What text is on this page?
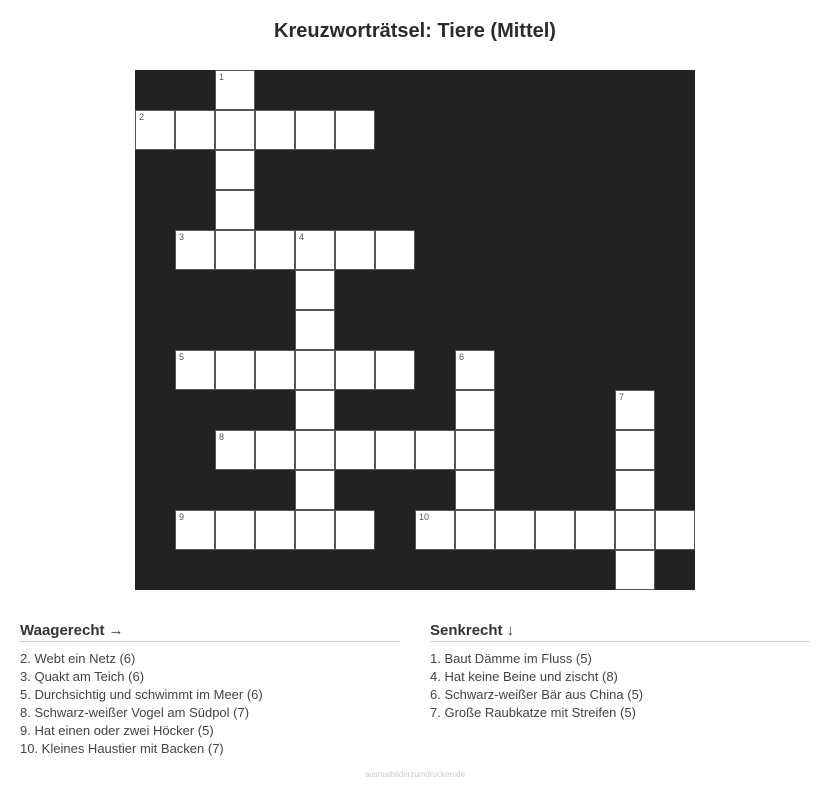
Kreuzworträtsel: Tiere (Mittel)
1
2
3	4
5	6
7
8
9	10
Waagerecht →
2. Webt ein Netz (6)
3. Quakt am Teich (6)
5. Durchsichtig und schwimmt im Meer (6)
8. Schwarz-weißer Vogel am Südpol (7)
9. Hat einen oder zwei Höcker (5)
10. Kleines Haustier mit Backen (7)
Senkrecht ↓
1. Baut Dämme im Fluss (5)
4. Hat keine Beine und zischt (8)
6. Schwarz-weißer Bär aus China (5)
7. Große Raubkatze mit Streifen (5)
ausmalbilderzumdrucken.de
